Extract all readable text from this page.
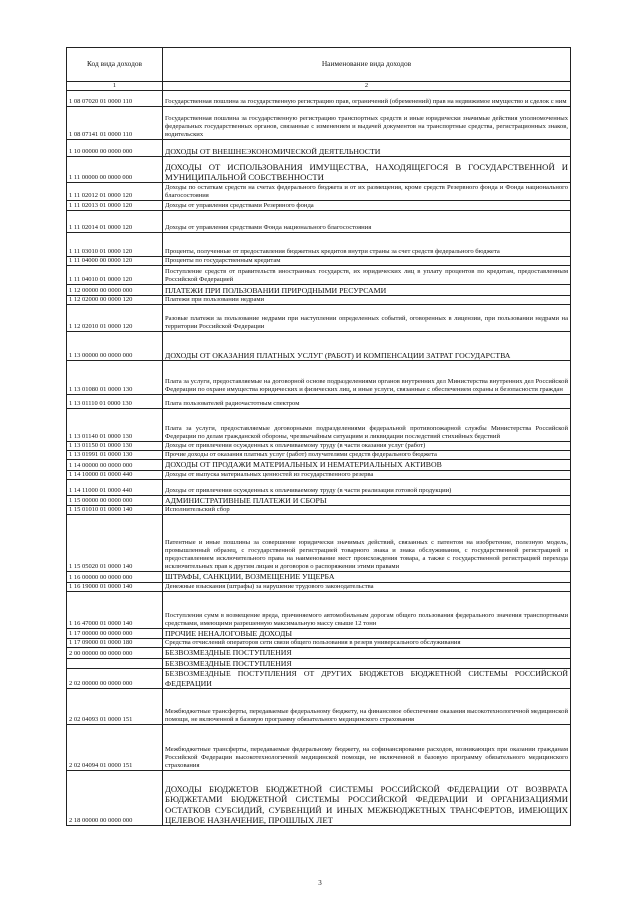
Код вида доходов	Наименование вида доходов
1	2
1 08 07020 01 0000 110	Государственная пошлина за государственную регистрацию прав, ограничений (обременений) прав на недвижимое имущество и сделок с ним
1 08 07141 01 0000 110	Государственная пошлина за государственную регистрацию транспортных средств и иные юридически значимые действия уполномоченных федеральных государственных органов, связанные с изменением и выдачей документов на транспортные средства, регистрационных знаков, водительских
1 10 00000 00 0000 000	ДОХОДЫ ОТ ВНЕШНЕЭКОНОМИЧЕСКОЙ ДЕЯТЕЛЬНОСТИ
1 11 00000 00 0000 000	ДОХОДЫ ОТ ИСПОЛЬЗОВАНИЯ ИМУЩЕСТВА, НАХОДЯЩЕГОСЯ В ГОСУДАРСТВЕННОЙ И МУНИЦИПАЛЬНОЙ СОБСТВЕННОСТИ
1 11 02012 01 0000 120	Доходы по остаткам средств на счетах федерального бюджета и от их размещения, кроме средств Резервного фонда и Фонда национального благосостояния
1 11 02013 01 0000 120	Доходы от управления средствами Резервного фонда
1 11 02014 01 0000 120	Доходы от управления средствами Фонда национального благосостояния
1 11 03010 01 0000 120	Проценты, полученные от предоставления бюджетных кредитов внутри страны за счет средств федерального бюджета
1 11 04000 00 0000 120	Проценты по государственным кредитам
1 11 04010 01 0000 120	Поступление средств от правительств иностранных государств, их юридических лиц в уплату процентов по кредитам, предоставленным Российской Федерацией
1 12 00000 00 0000 000	ПЛАТЕЖИ ПРИ ПОЛЬЗОВАНИИ ПРИРОДНЫМИ РЕСУРСАМИ
1 12 02000 00 0000 120	Платежи при пользовании недрами
1 12 02010 01 0000 120	Разовые платежи за пользование недрами при наступлении определенных событий, оговоренных в лицензии, при пользовании недрами на территории Российской Федерации
1 13 00000 00 0000 000	ДОХОДЫ ОТ ОКАЗАНИЯ ПЛАТНЫХ УСЛУГ (РАБОТ) И КОМПЕНСАЦИИ ЗАТРАТ ГОСУДАРСТВА
1 13 01080 01 0000 130	Плата за услуги, предоставляемые на договорной основе подразделениями органов внутренних дел Министерства внутренних дел Российской Федерации по охране имущества юридических и физических лиц, и иные услуги, связанные с обеспечением охраны и безопасности граждан
1 13 01110 01 0000 130	Плата пользователей радиочастотным спектром
1 13 01140 01 0000 130	Плата за услуги, предоставляемые договорными подразделениями федеральной противопожарной службы Министерства Российской Федерации по делам гражданской обороны, чрезвычайным ситуациям и ликвидации последствий стихийных бедствий
1 13 01150 01 0000 130	Доходы от привлечения осужденных к оплачиваемому труду (в части оказания услуг (работ)
1 13 01991 01 0000 130	Прочие доходы от оказания платных услуг (работ) получателями средств федерального бюджета
1 14 00000 00 0000 000	ДОХОДЫ ОТ ПРОДАЖИ МАТЕРИАЛЬНЫХ И НЕМАТЕРИАЛЬНЫХ АКТИВОВ
1 14 10000 01 0000 440	Доходы от выпуска материальных ценностей из государственного резерва
1 14 11000 01 0000 440	Доходы от привлечения осужденных к оплачиваемому труду (в части реализации готовой продукции)
1 15 00000 00 0000 000	АДМИНИСТРАТИВНЫЕ ПЛАТЕЖИ И СБОРЫ
1 15 01010 01 0000 140	Исполнительский сбор
1 15 05020 01 0000 140	Патентные и иные пошлины за совершение юридически значимых действий, связанных с патентом на изобретение, полезную модель, промышленный образец, с государственной регистрацией товарного знака и знака обслуживания, с государственной регистрацией и предоставлением исключительного права на наименование мест происхождения товара, а также с государственной регистрацией перехода исключительных прав к другим лицам и договоров о распоряжении этими правами
1 16 00000 00 0000 000	ШТРАФЫ, САНКЦИИ, ВОЗМЕЩЕНИЕ УЩЕРБА
1 16 19000 01 0000 140	Денежные взыскания (штрафы) за нарушение трудового законодательства
1 16 47000 01 0000 140	Поступления сумм в возмещение вреда, причиняемого автомобильным дорогам общего пользования федерального значения транспортными средствами, имеющими разрешенную максимальную массу свыше 12 тонн
1 17 00000 00 0000 000	ПРОЧИЕ НЕНАЛОГОВЫЕ ДОХОДЫ
1 17 09000 01 0000 180	Средства отчислений операторов сети связи общего пользования в резерв универсального обслуживания
2 00 00000 00 0000 000	БЕЗВОЗМЕЗДНЫЕ ПОСТУПЛЕНИЯ
	БЕЗВОЗМЕЗДНЫЕ ПОСТУПЛЕНИЯ
2 02 00000 00 0000 000	БЕЗВОЗМЕЗДНЫЕ ПОСТУПЛЕНИЯ ОТ ДРУГИХ БЮДЖЕТОВ БЮДЖЕТНОЙ СИСТЕМЫ РОССИЙСКОЙ ФЕДЕРАЦИИ
2 02 04093 01 0000 151	Межбюджетные трансферты, передаваемые федеральному бюджету, на финансовое обеспечение оказания высокотехнологичной медицинской помощи, не включенной в базовую программу обязательного медицинского страхования
2 02 04094 01 0000 151	Межбюджетные трансферты, передаваемые федеральному бюджету, на софинансирование расходов, возникающих при оказании гражданам Российской Федерации высокотехнологичной медицинской помощи, не включенной в базовую программу обязательного медицинского страхования
2 18 00000 00 0000 000	ДОХОДЫ БЮДЖЕТОВ БЮДЖЕТНОЙ СИСТЕМЫ РОССИЙСКОЙ ФЕДЕРАЦИИ ОТ ВОЗВРАТА БЮДЖЕТАМИ БЮДЖЕТНОЙ СИСТЕМЫ РОССИЙСКОЙ ФЕДЕРАЦИИ И ОРГАНИЗАЦИЯМИ ОСТАТКОВ СУБСИДИЙ, СУБВЕНЦИЙ И ИНЫХ МЕЖБЮДЖЕТНЫХ ТРАНСФЕРТОВ, ИМЕЮЩИХ ЦЕЛЕВОЕ НАЗНАЧЕНИЕ, ПРОШЛЫХ ЛЕТ
3
